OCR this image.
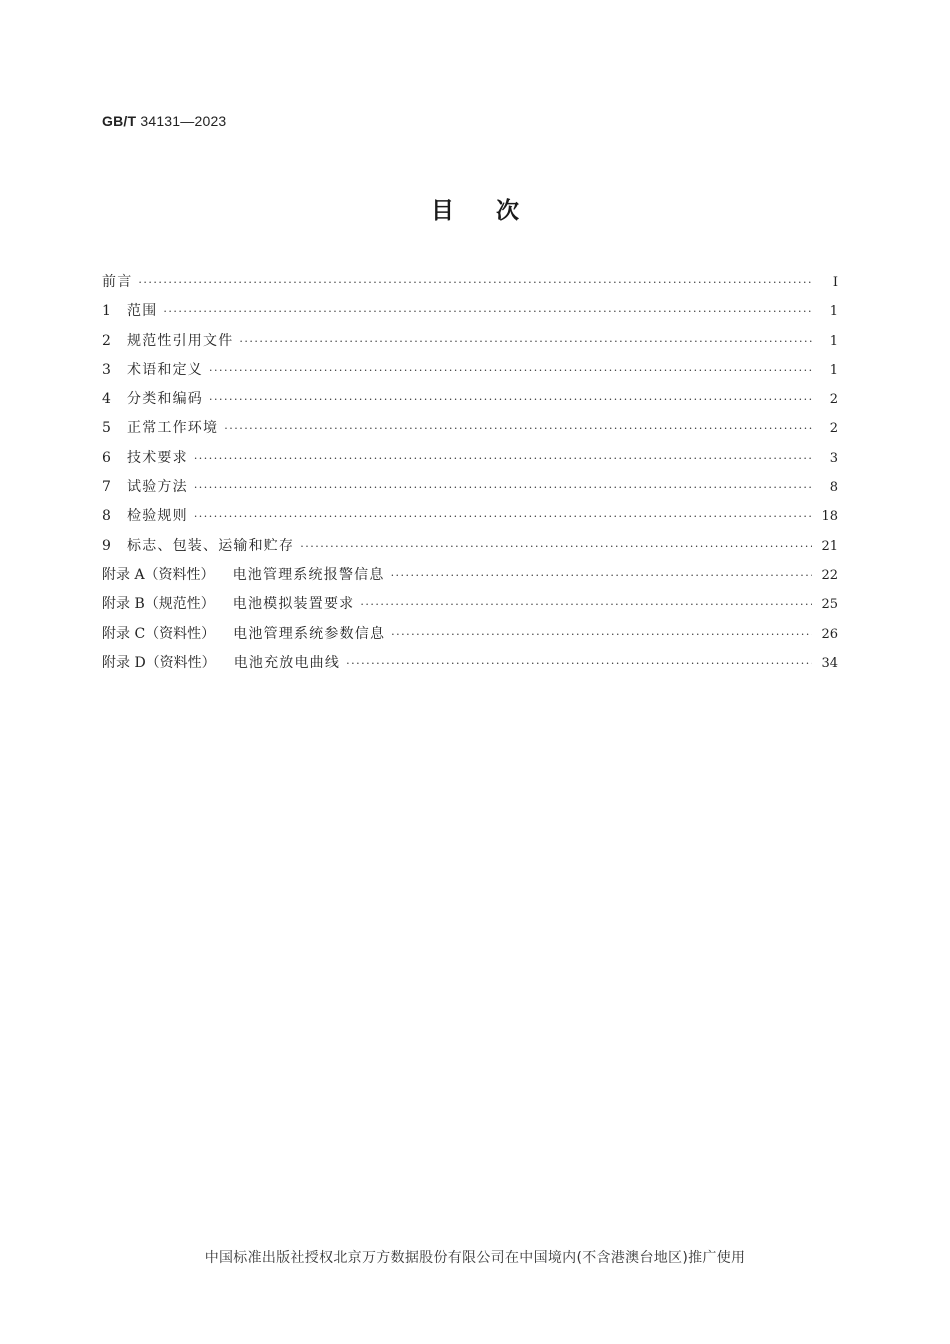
GB/T 34131—2023
目 次
前言 ·····	Ⅰ
1	范围 ·····	1
2	规范性引用文件 ·····	1
3	术语和定义 ·····	1
4	分类和编码 ·····	2
5	正常工作环境 ·····	2
6	技术要求 ·····	3
7	试验方法 ·····	8
8	检验规则 ·····	18
9	标志、包装、运输和贮存 ·····	21
附录 A（资料性） 电池管理系统报警信息 ·····	22
附录 B（规范性） 电池模拟装置要求 ·····	25
附录 C（资料性） 电池管理系统参数信息 ·····	26
附录 D（资料性） 电池充放电曲线 ·····	34
中国标准出版社授权北京万方数据股份有限公司在中国境内(不含港澳台地区)推广使用
